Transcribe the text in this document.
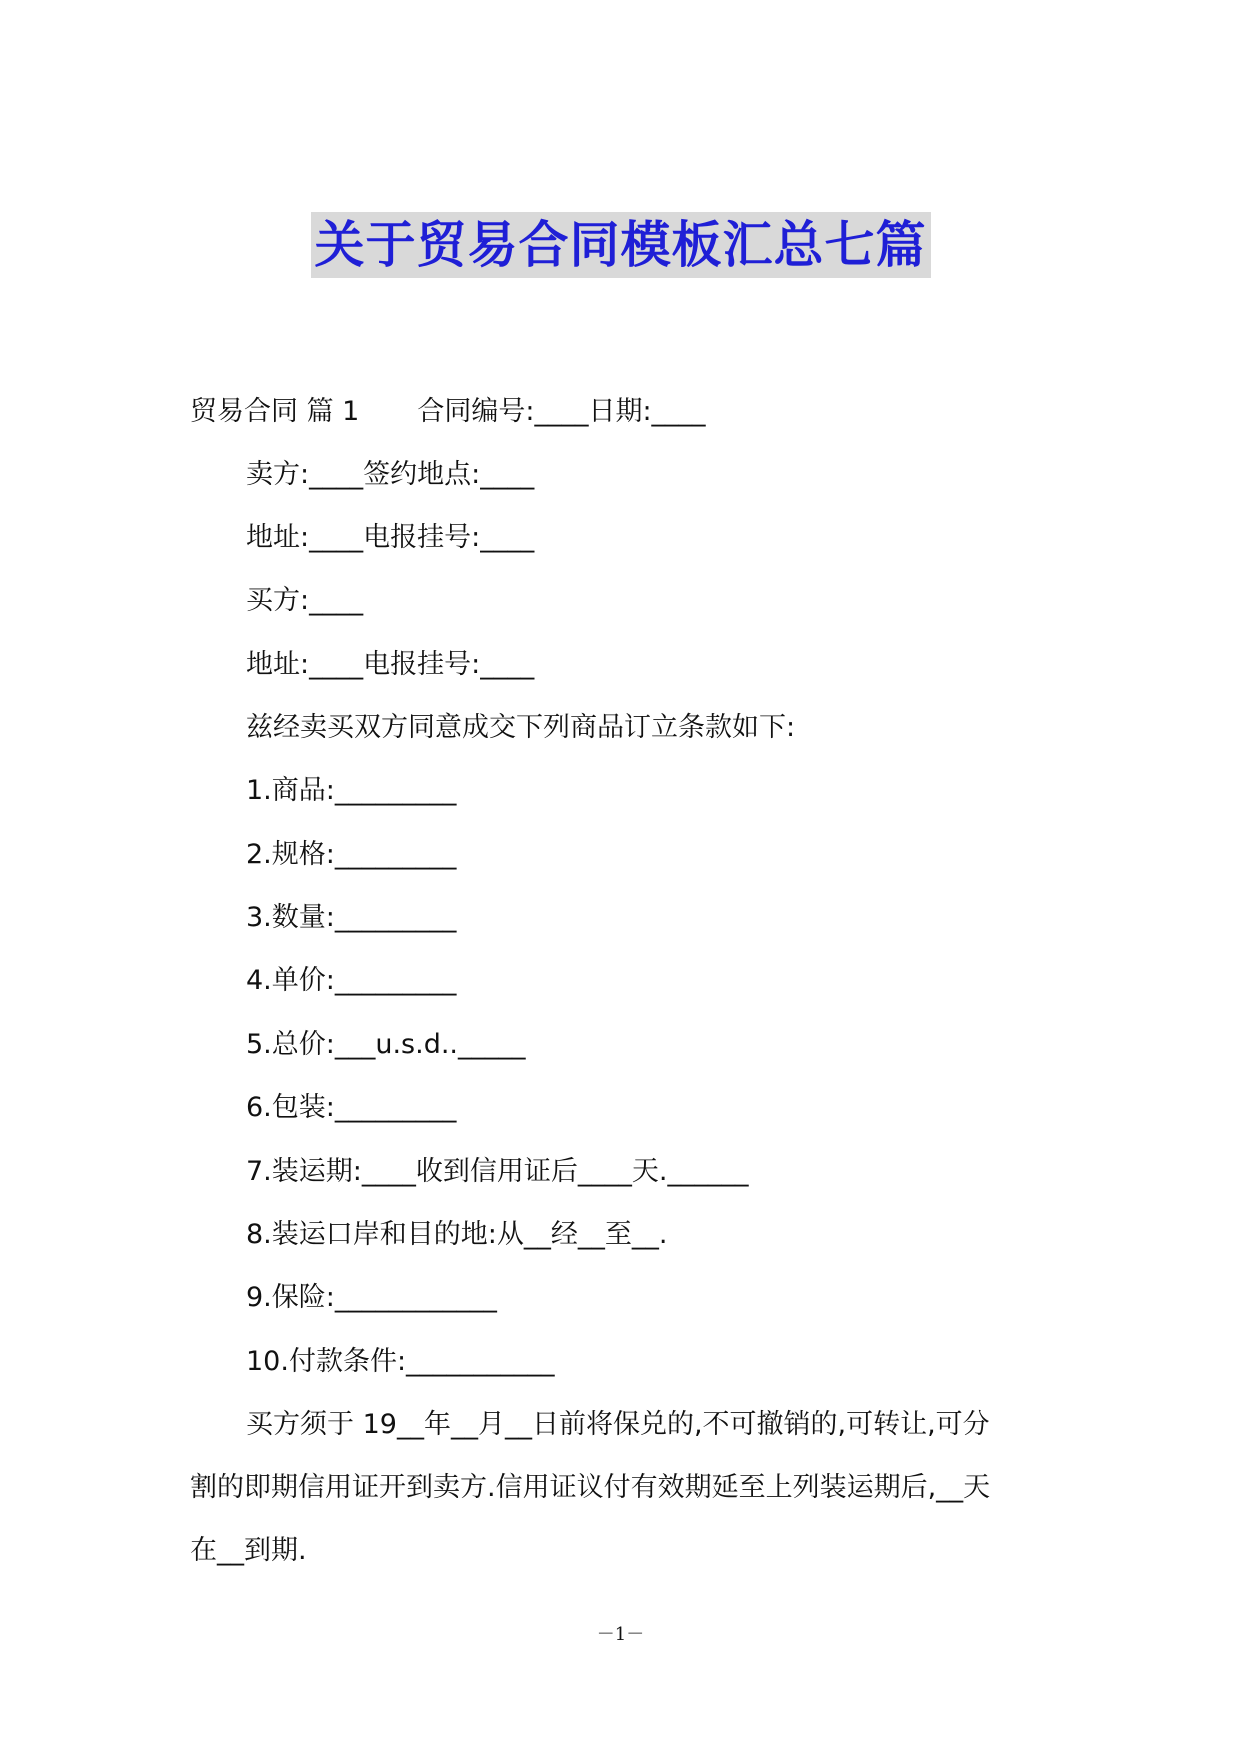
关于贸易合同模板汇总七篇
贸易合同 篇 1 合同编号:____日期:____
卖方:____签约地点:____
地址:____电报挂号:____
买方:____
地址:____电报挂号:____
兹经卖买双方同意成交下列商品订立条款如下:
1.商品:_________
2.规格:_________
3.数量:_________
4.单价:_________
5.总价:___u.s.d.._____
6.包装:_________
7.装运期:____收到信用证后____天.______
8.装运口岸和目的地:从__经__至__.
9.保险:____________
10.付款条件:___________
买方须于 19__年__月__日前将保兑的,不可撤销的,可转让,可分
割的即期信用证开到卖方.信用证议付有效期延至上列装运期后,__天
在__到期.
－1－
